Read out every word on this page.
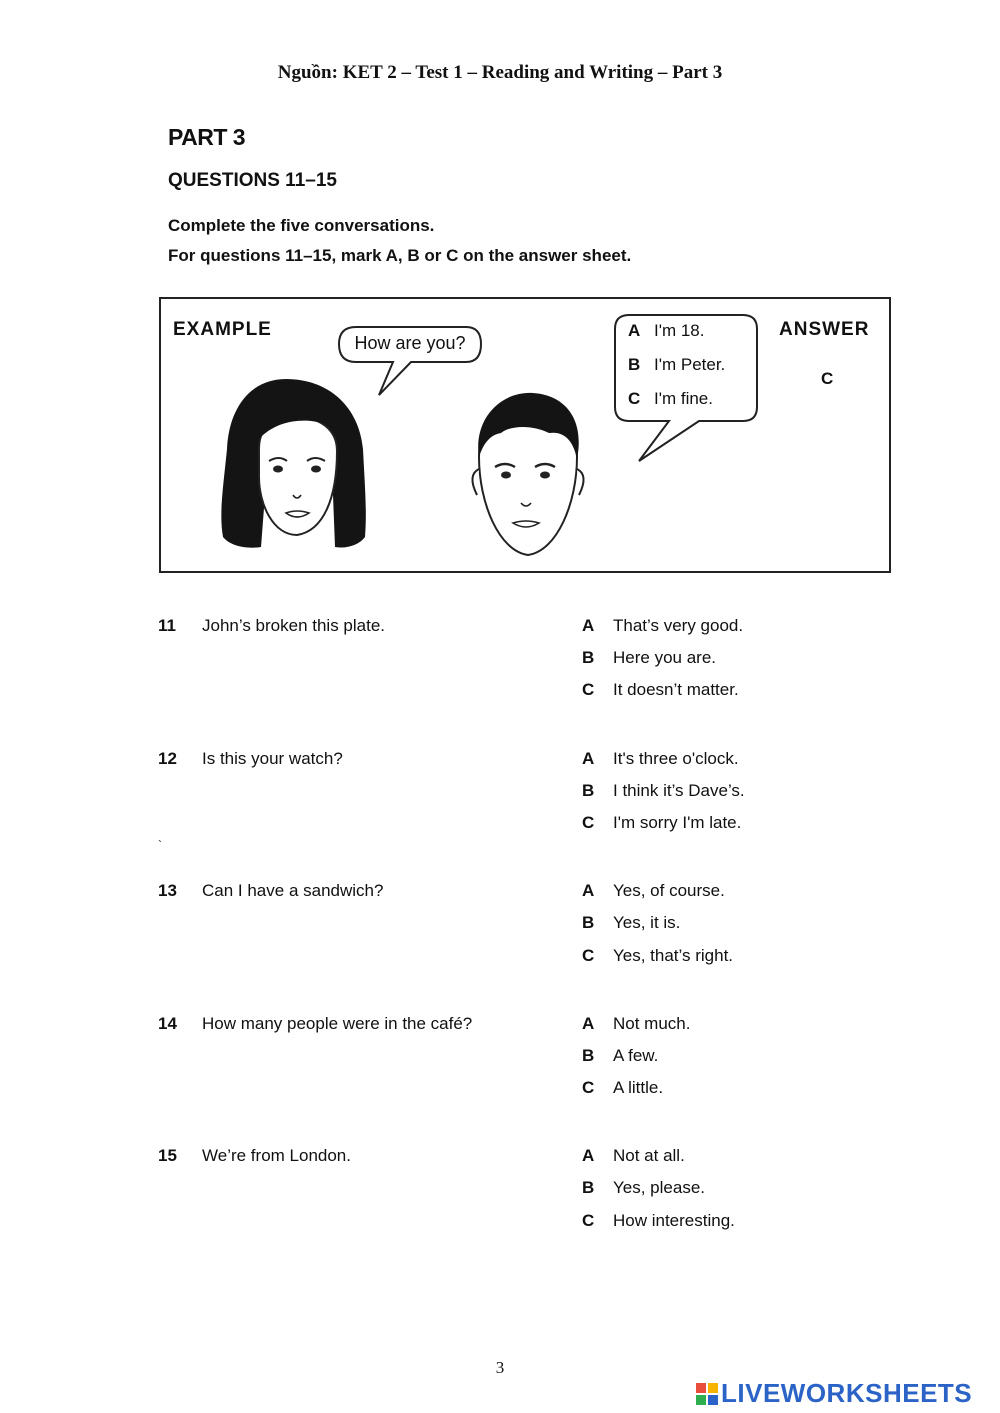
Nguồn: KET 2 – Test 1 – Reading and Writing – Part 3
PART 3
QUESTIONS 11–15
Complete the five conversations.
For questions 11–15, mark A, B or C on the answer sheet.
EXAMPLE
How are you?
A I'm 18.
B I'm Peter.
C I'm fine.
ANSWER
C
11 John’s broken this plate.	A That’s very good.
B Here you are.
C It doesn’t matter.
12 Is this your watch?	A It's three o'clock.
B I think it’s Dave’s.
C I'm sorry I'm late.
`
13 Can I have a sandwich?	A Yes, of course.
B Yes, it is.
C Yes, that’s right.
14 How many people were in the café?	A Not much.
B A few.
C A little.
15 We’re from London.	A Not at all.
B Yes, please.
C How interesting.
3
LIVEWORKSHEETS
